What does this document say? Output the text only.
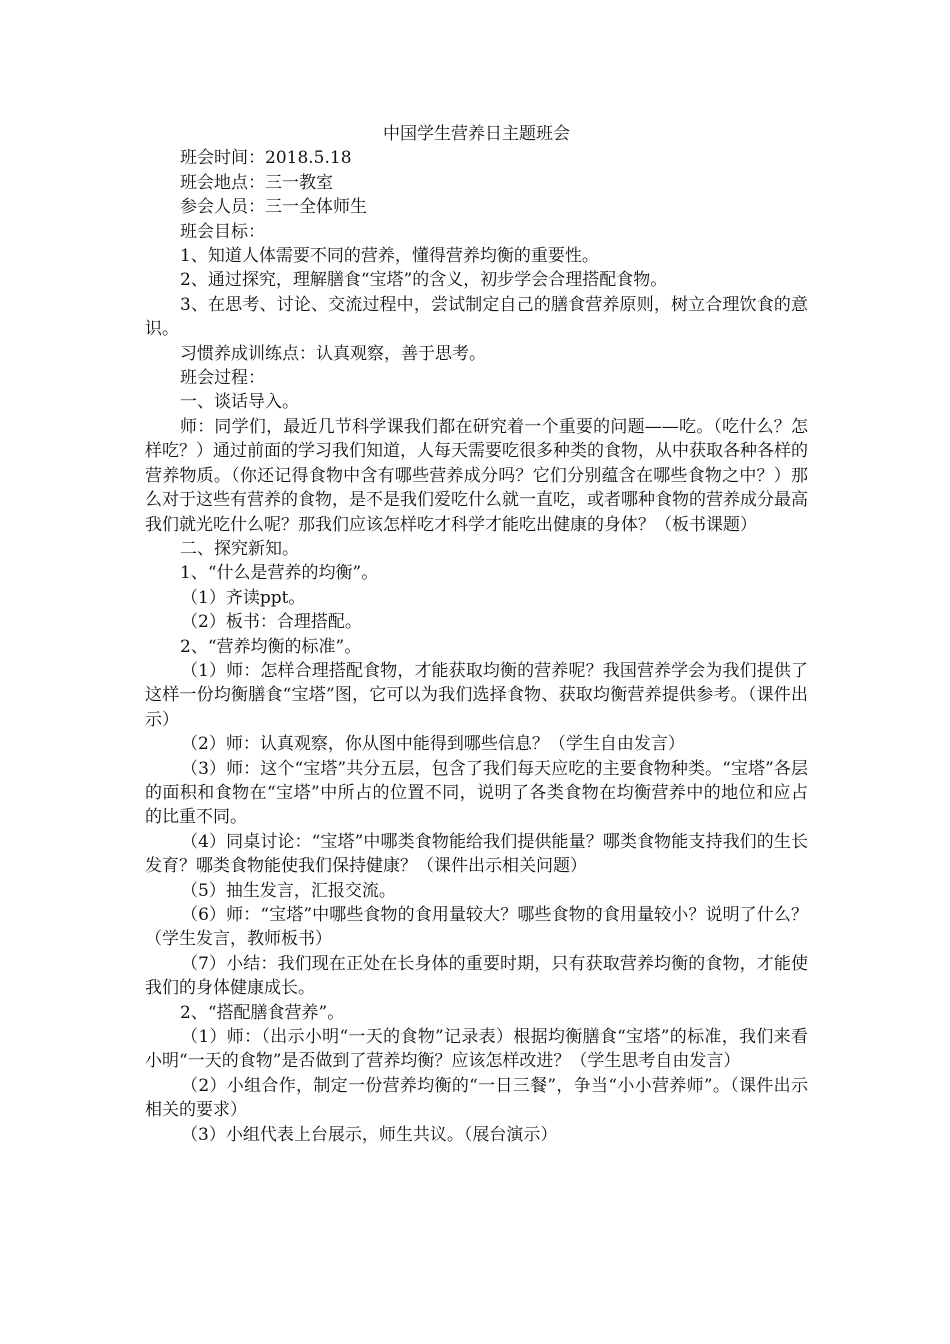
中国学生营养日主题班会

班会时间：2018.5.18

班会地点：三一教室

参会人员：三一全体师生

班会目标：

1、知道人体需要不同的营养，懂得营养均衡的重要性。

2、通过探究，理解膳食“宝塔”的含义，初步学会合理搭配食物。

3、在思考、讨论、交流过程中，尝试制定自己的膳食营养原则，树立合理饮食的意识。

习惯养成训练点：认真观察，善于思考。

班会过程：

一、谈话导入。

师：同学们，最近几节科学课我们都在研究着一个重要的问题——吃。（吃什么？怎样吃？）通过前面的学习我们知道，人每天需要吃很多种类的食物，从中获取各种各样的营养物质。（你还记得食物中含有哪些营养成分吗？它们分别蕴含在哪些食物之中？）那么对于这些有营养的食物，是不是我们爱吃什么就一直吃，或者哪种食物的营养成分最高我们就光吃什么呢？那我们应该怎样吃才科学才能吃出健康的身体？（板书课题）

二、探究新知。

1、“什么是营养的均衡”。

（1）齐读ppt。

（2）板书：合理搭配。

2、“营养均衡的标准”。

（1）师：怎样合理搭配食物，才能获取均衡的营养呢？我国营养学会为我们提供了这样一份均衡膳食“宝塔”图，它可以为我们选择食物、获取均衡营养提供参考。（课件出示）

（2）师：认真观察，你从图中能得到哪些信息？（学生自由发言）

（3）师：这个“宝塔”共分五层，包含了我们每天应吃的主要食物种类。“宝塔”各层的面积和食物在“宝塔”中所占的位置不同，说明了各类食物在均衡营养中的地位和应占的比重不同。

（4）同桌讨论：“宝塔”中哪类食物能给我们提供能量？哪类食物能支持我们的生长发育？哪类食物能使我们保持健康？（课件出示相关问题）

（5）抽生发言，汇报交流。

（6）师：“宝塔”中哪些食物的食用量较大？哪些食物的食用量较小？说明了什么？（学生发言，教师板书）

（7）小结：我们现在正处在长身体的重要时期，只有获取营养均衡的食物，才能使我们的身体健康成长。

2、“搭配膳食营养”。

（1）师：（出示小明“一天的食物”记录表）根据均衡膳食“宝塔”的标准，我们来看小明“一天的食物”是否做到了营养均衡？应该怎样改进？（学生思考自由发言）

（2）小组合作，制定一份营养均衡的“一日三餐”，争当“小小营养师”。（课件出示相关的要求）

（3）小组代表上台展示，师生共议。（展台演示）
